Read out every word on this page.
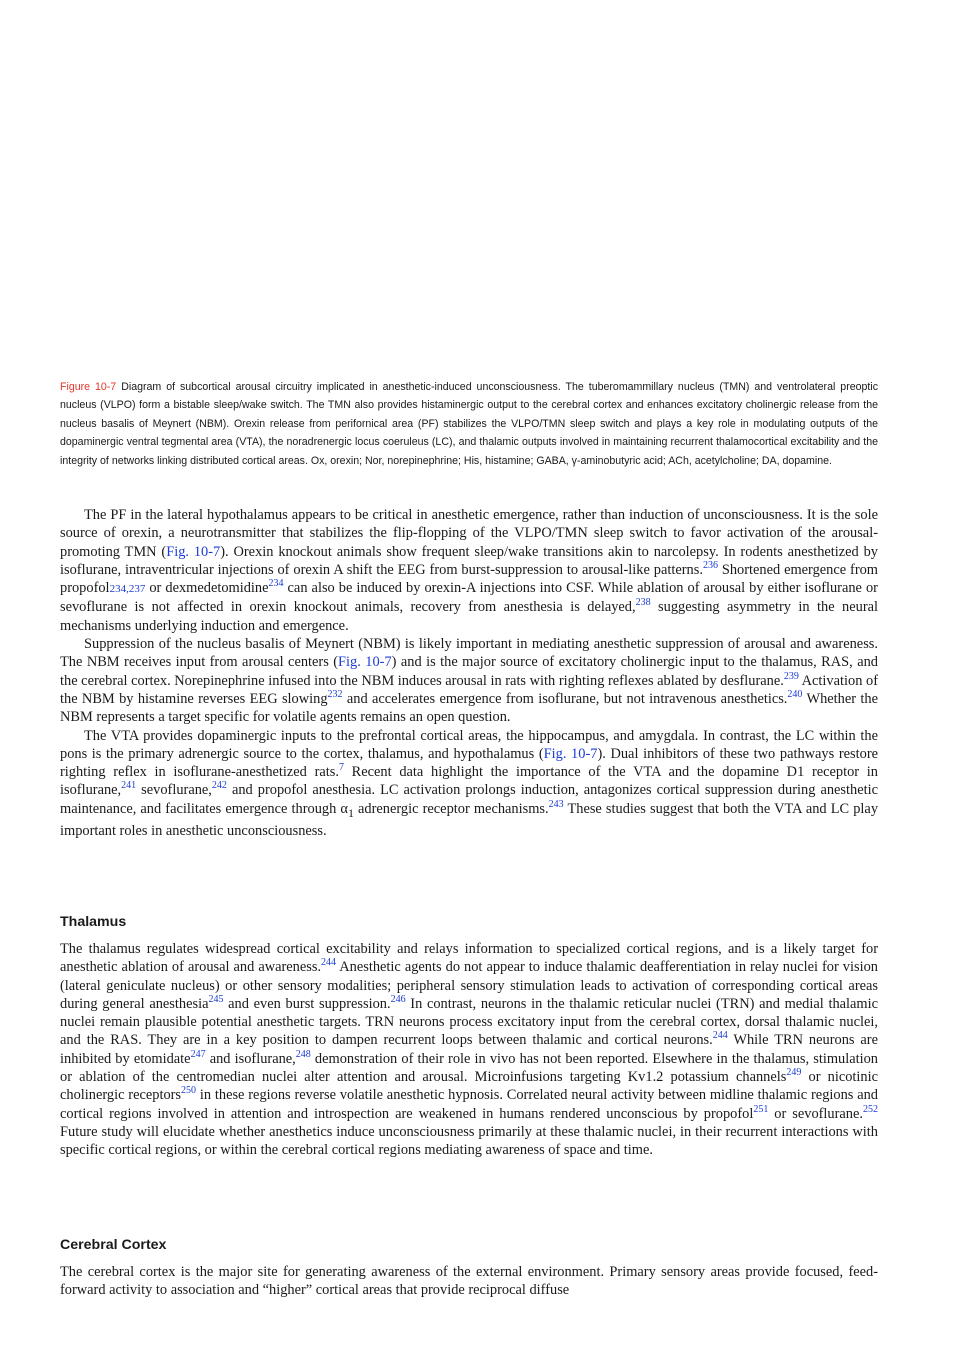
Figure 10-7 Diagram of subcortical arousal circuitry implicated in anesthetic-induced unconsciousness. The tuberomammillary nucleus (TMN) and ventrolateral preoptic nucleus (VLPO) form a bistable sleep/wake switch. The TMN also provides histaminergic output to the cerebral cortex and enhances excitatory cholinergic release from the nucleus basalis of Meynert (NBM). Orexin release from perifornical area (PF) stabilizes the VLPO/TMN sleep switch and plays a key role in modulating outputs of the dopaminergic ventral tegmental area (VTA), the noradrenergic locus coeruleus (LC), and thalamic outputs involved in maintaining recurrent thalamocortical excitability and the integrity of networks linking distributed cortical areas. Ox, orexin; Nor, norepinephrine; His, histamine; GABA, γ-aminobutyric acid; ACh, acetylcholine; DA, dopamine.

The PF in the lateral hypothalamus appears to be critical in anesthetic emergence, rather than induction of unconsciousness. It is the sole source of orexin, a neurotransmitter that stabilizes the flip-flopping of the VLPO/TMN sleep switch to favor activation of the arousal-promoting TMN (Fig. 10-7). Orexin knockout animals show frequent sleep/wake transitions akin to narcolepsy. In rodents anesthetized by isoflurane, intraventricular injections of orexin A shift the EEG from burst-suppression to arousal-like patterns.$^{236}$ Shortened emergence from propofol234,237 or dexmedetomidine$^{234}$ can also be induced by orexin-A injections into CSF. While ablation of arousal by either isoflurane or sevoflurane is not affected in orexin knockout animals, recovery from anesthesia is delayed,$^{238}$ suggesting asymmetry in the neural mechanisms underlying induction and emergence.

Suppression of the nucleus basalis of Meynert (NBM) is likely important in mediating anesthetic suppression of arousal and awareness. The NBM receives input from arousal centers (Fig. 10-7) and is the major source of excitatory cholinergic input to the thalamus, RAS, and the cerebral cortex. Norepinephrine infused into the NBM induces arousal in rats with righting reflexes ablated by desflurane.$^{239}$ Activation of the NBM by histamine reverses EEG slowing$^{232}$ and accelerates emergence from isoflurane, but not intravenous anesthetics.$^{240}$ Whether the NBM represents a target specific for volatile agents remains an open question.

The VTA provides dopaminergic inputs to the prefrontal cortical areas, the hippocampus, and amygdala. In contrast, the LC within the pons is the primary adrenergic source to the cortex, thalamus, and hypothalamus (Fig. 10-7). Dual inhibitors of these two pathways restore righting reflex in isoflurane-anesthetized rats.$^7$ Recent data highlight the importance of the VTA and the dopamine D1 receptor in isoflurane,$^{241}$ sevoflurane,$^{242}$ and propofol anesthesia. LC activation prolongs induction, antagonizes cortical suppression during anesthetic maintenance, and facilitates emergence through $\alpha_1$ adrenergic receptor mechanisms.$^{243}$ These studies suggest that both the VTA and LC play important roles in anesthetic unconsciousness.

Thalamus

The thalamus regulates widespread cortical excitability and relays information to specialized cortical regions, and is a likely target for anesthetic ablation of arousal and awareness.$^{244}$ Anesthetic agents do not appear to induce thalamic deafferentiation in relay nuclei for vision (lateral geniculate nucleus) or other sensory modalities; peripheral sensory stimulation leads to activation of corresponding cortical areas during general anesthesia$^{245}$ and even burst suppression.$^{246}$ In contrast, neurons in the thalamic reticular nuclei (TRN) and medial thalamic nuclei remain plausible potential anesthetic targets. TRN neurons process excitatory input from the cerebral cortex, dorsal thalamic nuclei, and the RAS. They are in a key position to dampen recurrent loops between thalamic and cortical neurons.$^{244}$ While TRN neurons are inhibited by etomidate$^{247}$ and isoflurane,$^{248}$ demonstration of their role in vivo has not been reported. Elsewhere in the thalamus, stimulation or ablation of the centromedian nuclei alter attention and arousal. Microinfusions targeting Kv1.2 potassium channels$^{249}$ or nicotinic cholinergic receptors$^{250}$ in these regions reverse volatile anesthetic hypnosis. Correlated neural activity between midline thalamic regions and cortical regions involved in attention and introspection are weakened in humans rendered unconscious by propofol$^{251}$ or sevoflurane.$^{252}$ Future study will elucidate whether anesthetics induce unconsciousness primarily at these thalamic nuclei, in their recurrent interactions with specific cortical regions, or within the cerebral cortical regions mediating awareness of space and time.

Cerebral Cortex

The cerebral cortex is the major site for generating awareness of the external environment. Primary sensory areas provide focused, feed-forward activity to association and “higher” cortical areas that provide reciprocal diffuse
